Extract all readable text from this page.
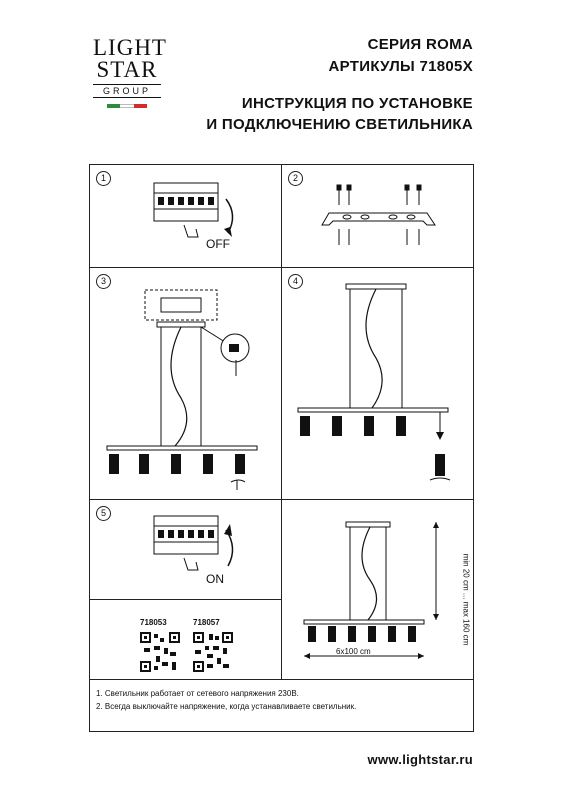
LIGHT
STAR
GROUP
СЕРИЯ ROMA
АРТИКУЛЫ 71805X
ИНСТРУКЦИЯ ПО УСТАНОВКЕ
И ПОДКЛЮЧЕНИЮ СВЕТИЛЬНИКА
1
OFF
2
3	4
5
ON
6x100 cm
min 20 cm ... max 160 cm
718053	718057
1. Светильник работает от сетевого напряжения 230В.
2. Всегда выключайте напряжение, когда устанавливаете светильник.
www.lightstar.ru
